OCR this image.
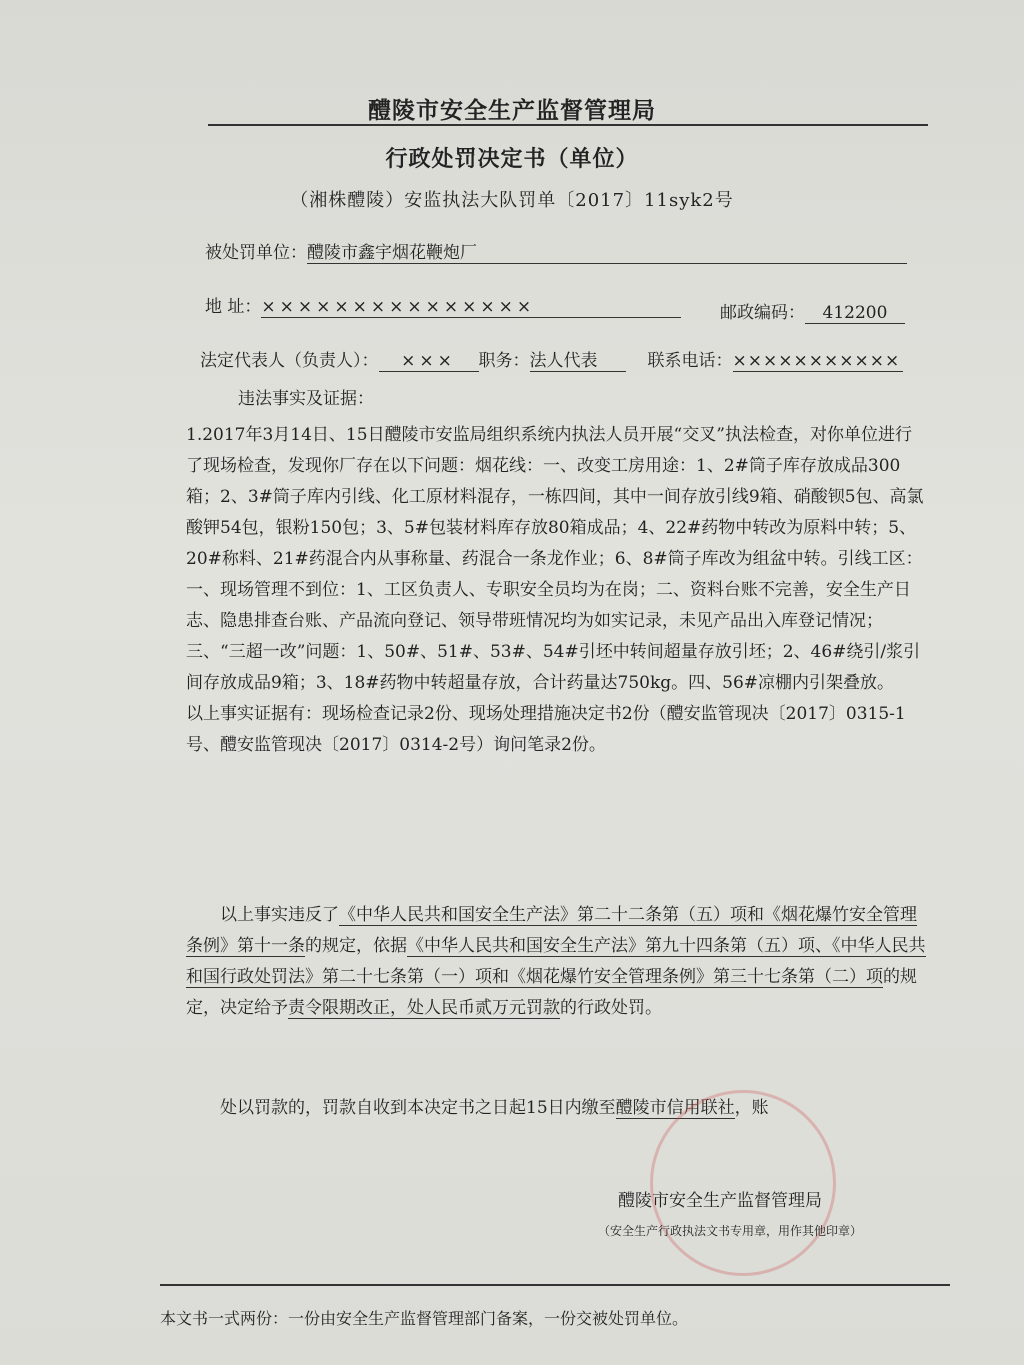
醴陵市安全生产监督管理局
行政处罚决定书（单位）
（湘株醴陵）安监执法大队罚单〔2017〕11syk2号
被处罚单位：醴陵市鑫宇烟花鞭炮厂
地 址：×××××××××××××××	邮政编码： 412200
法定代表人（负责人）： ××× 职务：法人代表	联系电话：×××××××××××
违法事实及证据：

1.2017年3月14日、15日醴陵市安监局组织系统内执法人员开展“交叉”执法检查，对你单位进行了现场检查，发现你厂存在以下问题：烟花线：一、改变工房用途：1、2#筒子库存放成品300箱；2、3#筒子库内引线、化工原材料混存，一栋四间，其中一间存放引线9箱、硝酸钡5包、高氯酸钾54包，银粉150包；3、5#包装材料库存放80箱成品；4、22#药物中转改为原料中转；5、20#称料、21#药混合内从事称量、药混合一条龙作业；6、8#筒子库改为组盆中转。引线工区：一、现场管理不到位：1、工区负责人、专职安全员均为在岗；二、资料台账不完善，安全生产日志、隐患排查台账、产品流向登记、领导带班情况均为如实记录，未见产品出入库登记情况；三、“三超一改”问题：1、50#、51#、53#、54#引坯中转间超量存放引坯；2、46#绕引/浆引间存放成品9箱；3、18#药物中转超量存放，合计药量达750kg。四、56#凉棚内引架叠放。

以上事实证据有：现场检查记录2份、现场处理措施决定书2份（醴安监管现决〔2017〕0315-1号、醴安监管现决〔2017〕0314-2号）询问笔录2份。

以上事实违反了《中华人民共和国安全生产法》第二十二条第（五）项和《烟花爆竹安全管理条例》第十一条的规定，依据《中华人民共和国安全生产法》第九十四条第（五）项、《中华人民共和国行政处罚法》第二十七条第（一）项和《烟花爆竹安全管理条例》第三十七条第（二）项的规定，决定给予责令限期改正，处人民币贰万元罚款的行政处罚。

处以罚款的，罚款自收到本决定书之日起15日内缴至醴陵市信用联社，账

醴陵市安全生产监督管理局
（安全生产行政执法文书专用章，用作其他印章）
本文书一式两份：一份由安全生产监督管理部门备案，一份交被处罚单位。
